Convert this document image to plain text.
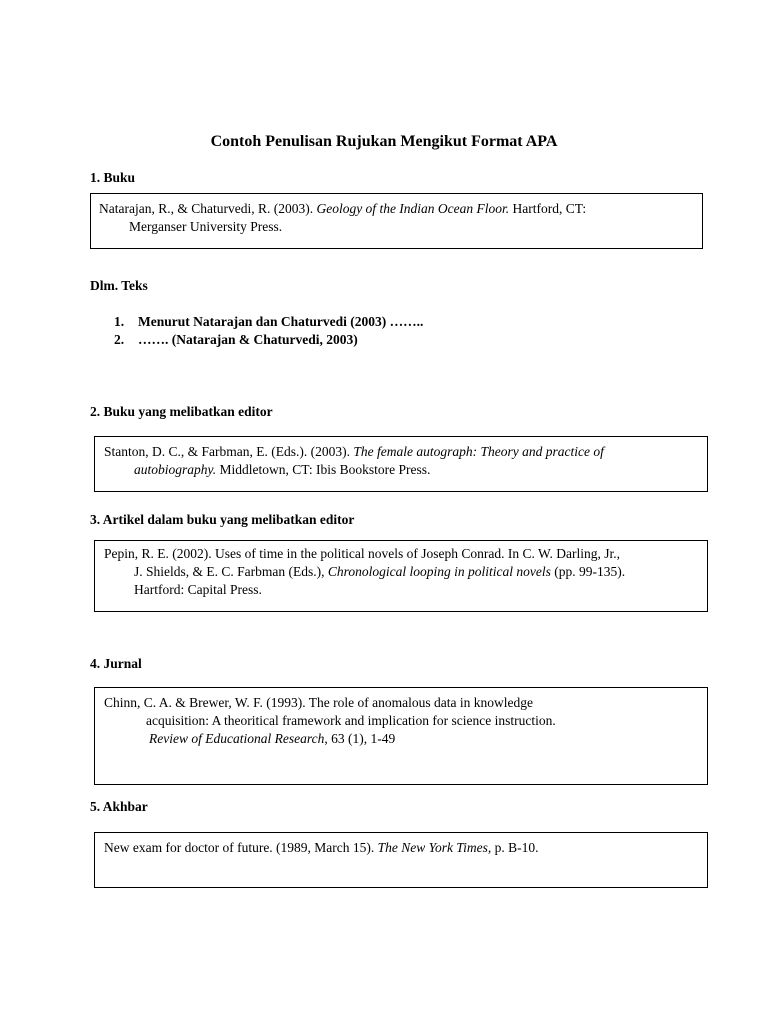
Contoh Penulisan Rujukan Mengikut Format APA
1. Buku
Natarajan, R., & Chaturvedi, R. (2003). Geology of the Indian Ocean Floor. Hartford, CT:
Merganser University Press.
Dlm. Teks
1. Menurut Natarajan dan Chaturvedi (2003) ……..
2. ……. (Natarajan & Chaturvedi, 2003)
2. Buku yang melibatkan editor
Stanton, D. C., & Farbman, E. (Eds.). (2003). The female autograph: Theory and practice of
autobiography. Middletown, CT: Ibis Bookstore Press.
3. Artikel dalam buku yang melibatkan editor
Pepin, R. E. (2002). Uses of time in the political novels of Joseph Conrad. In C. W. Darling, Jr.,
J. Shields, & E. C. Farbman (Eds.), Chronological looping in political novels (pp. 99-135).
Hartford: Capital Press.
4. Jurnal
Chinn, C. A. & Brewer, W. F. (1993). The role of anomalous data in knowledge
acquisition: A theoritical framework and implication for science instruction.
Review of Educational Research, 63 (1), 1-49
5. Akhbar
New exam for doctor of future. (1989, March 15). The New York Times, p. B-10.
